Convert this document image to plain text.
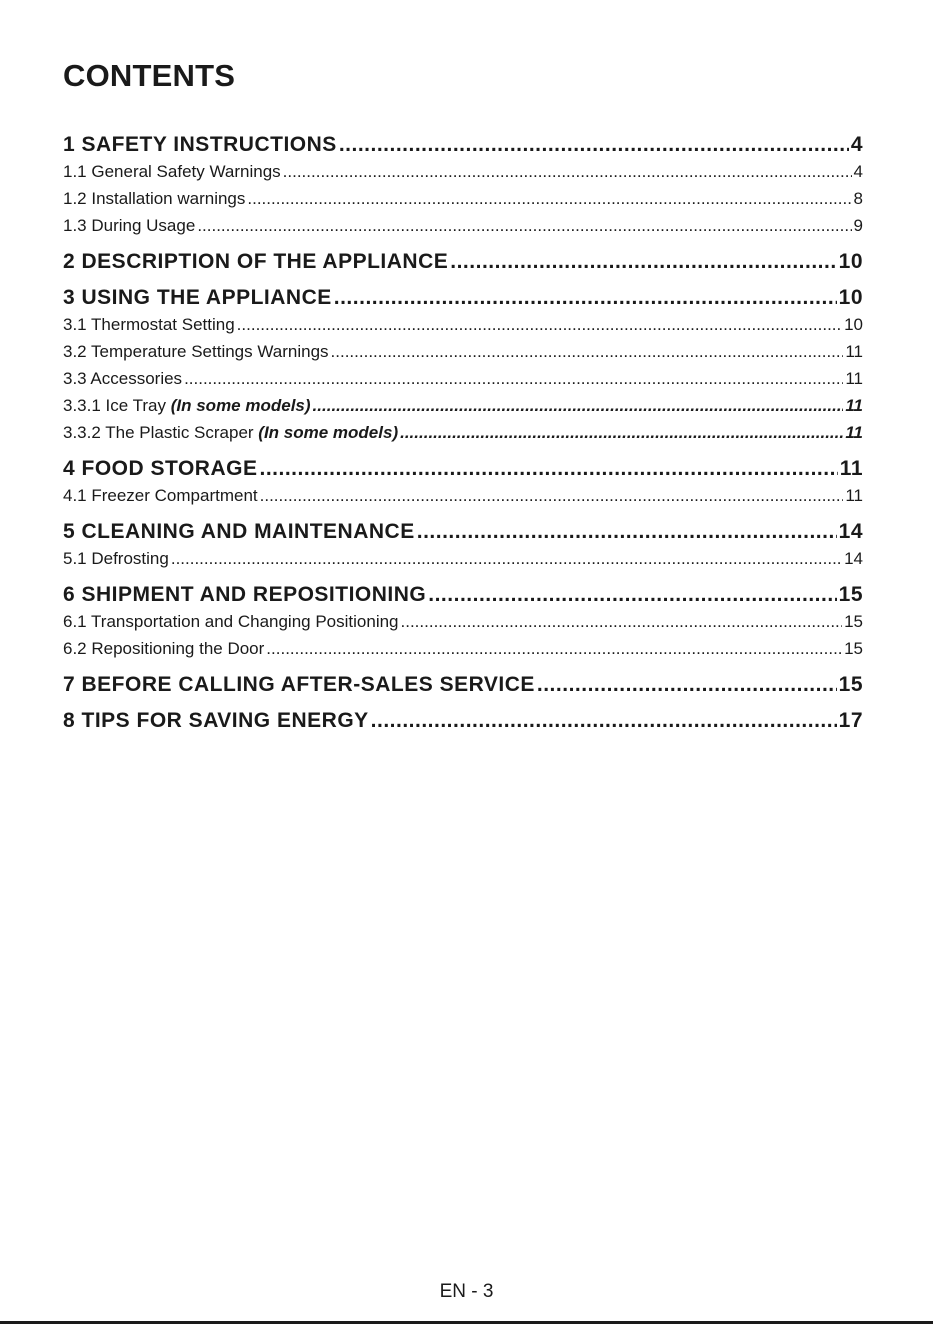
CONTENTS
1 SAFETY INSTRUCTIONS .....	4
1.1 General Safety Warnings .....	4
1.2 Installation warnings .....	8
1.3 During Usage .....	9
2 DESCRIPTION OF THE APPLIANCE .....	10
3 USING THE APPLIANCE .....	10
3.1 Thermostat Setting .....	10
3.2 Temperature Settings Warnings .....	11
3.3 Accessories .....	11
3.3.1 Ice Tray (In some models) .....	11
3.3.2 The Plastic Scraper (In some models) .....	11
4 FOOD STORAGE .....	11
4.1 Freezer Compartment .....	11
5 CLEANING AND MAINTENANCE .....	14
5.1 Defrosting .....	14
6 SHIPMENT AND REPOSITIONING .....	15
6.1 Transportation and Changing Positioning .....	15
6.2 Repositioning the Door .....	15
7 BEFORE CALLING AFTER-SALES SERVICE .....	15
8 TIPS FOR SAVING ENERGY .....	17
EN - 3
